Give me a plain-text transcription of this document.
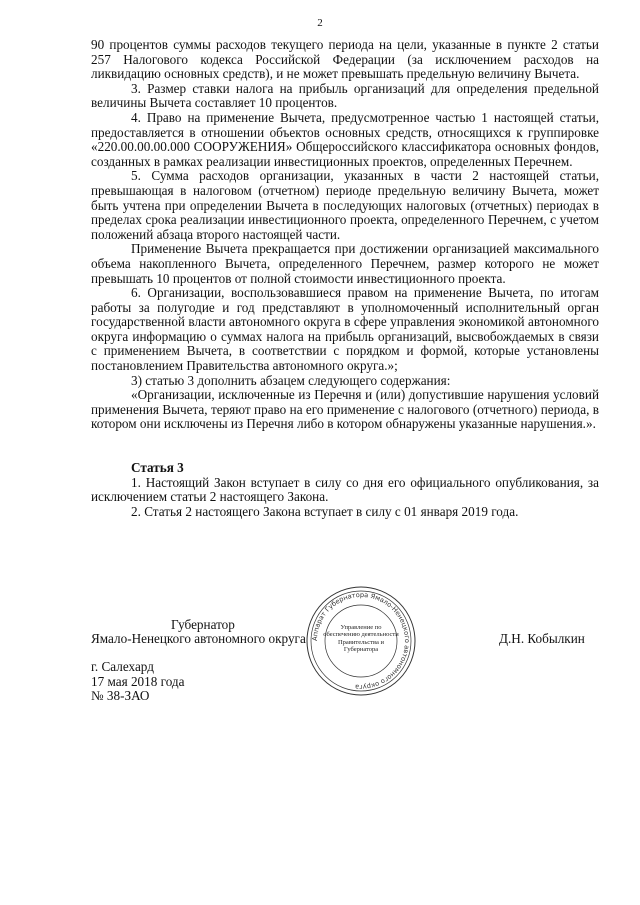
2

90 процентов суммы расходов текущего периода на цели, указанные в пункте 2 статьи 257 Налогового кодекса Российской Федерации (за исключением расходов на ликвидацию основных средств), и не может превышать предельную величину Вычета.

3. Размер ставки налога на прибыль организаций для определения предельной величины Вычета составляет 10 процентов.

4. Право на применение Вычета, предусмотренное частью 1 настоящей статьи, предоставляется в отношении объектов основных средств, относящихся к группировке «220.00.00.00.000 СООРУЖЕНИЯ» Общероссийского классификатора основных фондов, созданных в рамках реализации инвестиционных проектов, определенных Перечнем.

5. Сумма расходов организации, указанных в части 2 настоящей статьи, превышающая в налоговом (отчетном) периоде предельную величину Вычета, может быть учтена при определении Вычета в последующих налоговых (отчетных) периодах в пределах срока реализации инвестиционного проекта, определенного Перечнем, с учетом положений абзаца второго настоящей части.

Применение Вычета прекращается при достижении организацией максимального объема накопленного Вычета, определенного Перечнем, размер которого не может превышать 10 процентов от полной стоимости инвестиционного проекта.

6. Организации, воспользовавшиеся правом на применение Вычета, по итогам работы за полугодие и год представляют в уполномоченный исполнительный орган государственной власти автономного округа в сфере управления экономикой автономного округа информацию о суммах налога на прибыль организаций, высвобождаемых в связи с применением Вычета, в соответствии с порядком и формой, которые установлены постановлением Правительства автономного округа.»;

3) статью 3 дополнить абзацем следующего содержания:

«Организации, исключенные из Перечня и (или) допустившие нарушения условий применения Вычета, теряют право на его применение с налогового (отчетного) периода, в котором они исключены из Перечня либо в котором обнаружены указанные нарушения.».

Статья 3

1. Настоящий Закон вступает в силу со дня его официального опубликования, за исключением статьи 2 настоящего Закона.

2. Статья 2 настоящего Закона вступает в силу с 01 января 2019 года.

Губернатор
Ямало-Ненецкого автономного округа	Д.Н. Кобылкин
Аппарат Губернатора Ямало-Ненецкого автономного округа
Управление по обеспечению деятельности Правительства и Губернатора
г. Салехард
17 мая 2018 года
№ 38-ЗАО
